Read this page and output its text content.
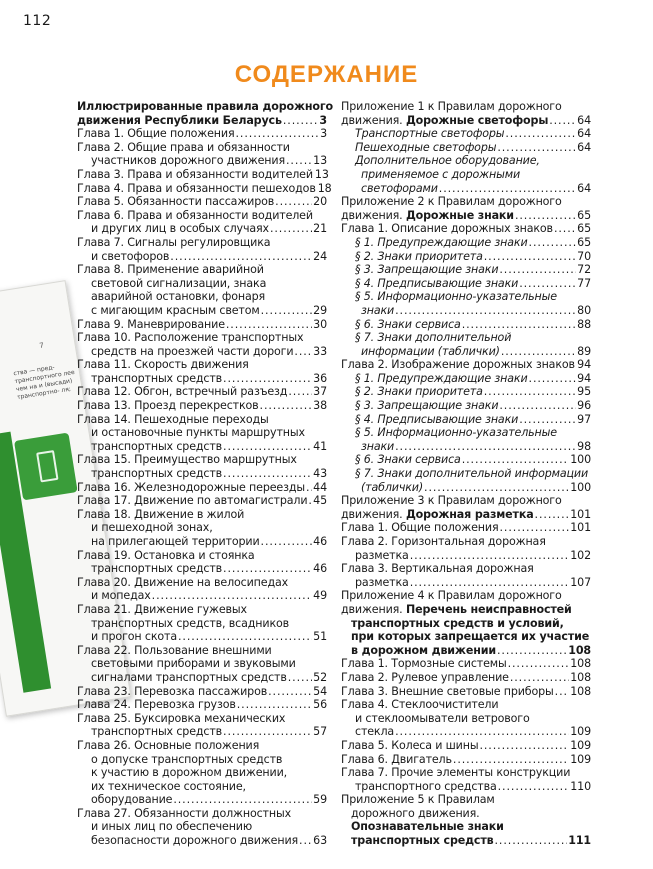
7
ства — пред- транспортного лее чем на и (высади) транспортно- ля;
112
СОДЕРЖАНИЕ
Иллюстрированные правила дорожного
движения Республики Беларусь .....	3
Глава 1. Общие положения .....	3
Глава 2. Общие права и обязанности
участников дорожного движения .....	13
Глава 3. Права и обязанности водителей 13
Глава 4. Права и обязанности пешеходов 18
Глава 5. Обязанности пассажиров .....	20
Глава 6. Права и обязанности водителей
и других лиц в особых случаях .....	21
Глава 7. Сигналы регулировщика
и светофоров .....	24
Глава 8. Применение аварийной
световой сигнализации, знака
аварийной остановки, фонаря
с мигающим красным светом .....	29
Глава 9. Маневрирование .....	30
Глава 10. Расположение транспортных
средств на проезжей части дороги ..... 33
Глава 11. Скорость движения
транспортных средств .....	36
Глава 12. Обгон, встречный разъезд ..... 37
Глава 13. Проезд перекрестков .....	38
Глава 14. Пешеходные переходы
и остановочные пункты маршрутных
транспортных средств .....	41
Глава 15. Преимущество маршрутных
транспортных средств .....	43
Глава 16. Железнодорожные переезды ..... 44
Глава 17. Движение по автомагистрали ..... 45
Глава 18. Движение в жилой
и пешеходной зонах,
на прилегающей территории .....	46
Глава 19. Остановка и стоянка
транспортных средств .....	46
Глава 20. Движение на велосипедах
и мопедах .....	49
Глава 21. Движение гужевых
транспортных средств, всадников
и прогон скота .....	51
Глава 22. Пользование внешними
световыми приборами и звуковыми
сигналами транспортных средств ..... 52
Глава 23. Перевозка пассажиров .....	54
Глава 24. Перевозка грузов .....	56
Глава 25. Буксировка механических
транспортных средств .....	57
Глава 26. Основные положения
о допуске транспортных средств
к участию в дорожном движении,
их техническое состояние,
оборудование .....	59
Глава 27. Обязанности должностных
и иных лиц по обеспечению
безопасности дорожного движения ..... 63
Приложение 1 к Правилам дорожного
движения. Дорожные светофоры .....	64
Транспортные светофоры .....	64
Пешеходные светофоры .....	64
Дополнительное оборудование,
применяемое с дорожными
светофорами .....	64
Приложение 2 к Правилам дорожного
движения. Дорожные знаки .....	65
Глава 1. Описание дорожных знаков ..... 65
§ 1. Предупреждающие знаки .....	65
§ 2. Знаки приоритета .....	70
§ 3. Запрещающие знаки .....	72
§ 4. Предписывающие знаки .....	77
§ 5. Информационно-указательные
знаки .....	80
§ 6. Знаки сервиса .....	88
§ 7. Знаки дополнительной
информации (таблички) .....	89
Глава 2. Изображение дорожных знаков ..... 94
§ 1. Предупреждающие знаки .....	94
§ 2. Знаки приоритета .....	95
§ 3. Запрещающие знаки .....	96
§ 4. Предписывающие знаки .....	97
§ 5. Информационно-указательные
знаки .....	98
§ 6. Знаки сервиса .....	100
§ 7. Знаки дополнительной информации
(таблички) .....	100
Приложение 3 к Правилам дорожного
движения. Дорожная разметка .....	101
Глава 1. Общие положения .....	101
Глава 2. Горизонтальная дорожная
разметка .....	102
Глава 3. Вертикальная дорожная
разметка .....	107
Приложение 4 к Правилам дорожного
движения. Перечень неисправностей
транспортных средств и условий,
при которых запрещается их участие
в дорожном движении .....	108
Глава 1. Тормозные системы .....	108
Глава 2. Рулевое управление .....	108
Глава 3. Внешние световые приборы ..... 108
Глава 4. Стеклоочистители
и стеклоомыватели ветрового
стекла .....	109
Глава 5. Колеса и шины .....	109
Глава 6. Двигатель .....	109
Глава 7. Прочие элементы конструкции
транспортного средства .....	110
Приложение 5 к Правилам
дорожного движения.
Опознавательные знаки
транспортных средств .....	111
